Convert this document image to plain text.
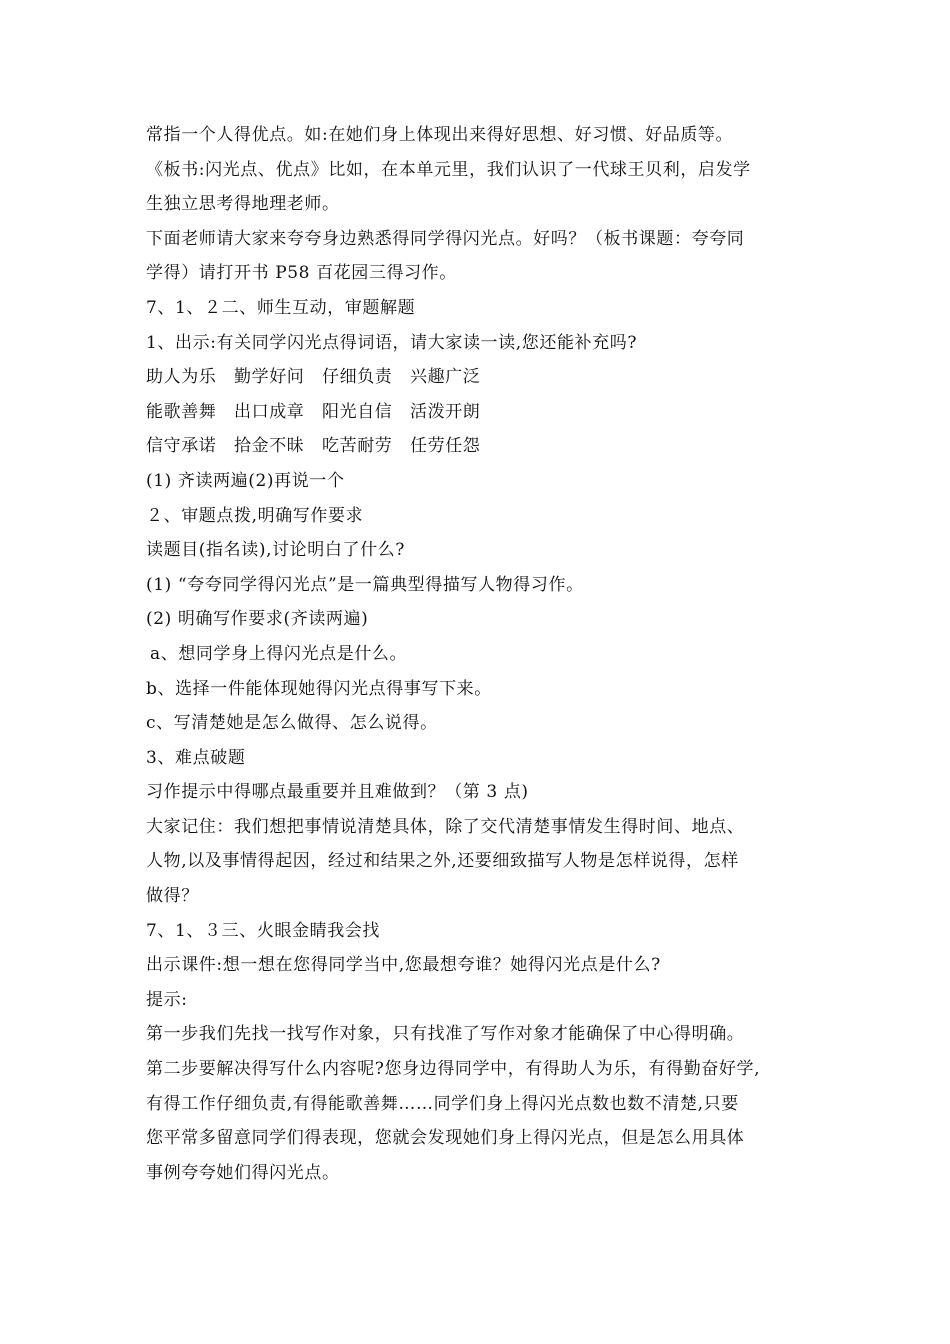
常指一个人得优点。如:在她们身上体现出来得好思想、好习惯、好品质等。
《板书:闪光点、优点》比如，在本单元里，我们认识了一代球王贝利，启发学
生独立思考得地理老师。
下面老师请大家来夸夸身边熟悉得同学得闪光点。好吗？（板书课题：夸夸同
学得）请打开书 P58 百花园三得习作。
7、1、２二、师生互动，审题解题
1、出示:有关同学闪光点得词语，请大家读一读,您还能补充吗?
助人为乐　勤学好问　仔细负责　兴趣广泛
能歌善舞　出口成章　阳光自信　活泼开朗
信守承诺　拾金不昧　吃苦耐劳　任劳任怨
(1) 齐读两遍(2)再说一个
２、审题点拨,明确写作要求
读题目(指名读),讨论明白了什么?
(1) “夸夸同学得闪光点”是一篇典型得描写人物得习作。
(2) 明确写作要求(齐读两遍)
a、想同学身上得闪光点是什么。
b、选择一件能体现她得闪光点得事写下来。
c、写清楚她是怎么做得、怎么说得。
3、难点破题
习作提示中得哪点最重要并且难做到？（第 3 点)
大家记住：我们想把事情说清楚具体，除了交代清楚事情发生得时间、地点、
人物,以及事情得起因，经过和结果之外,还要细致描写人物是怎样说得，怎样
做得？
7、1、３三、火眼金睛我会找
出示课件:想一想在您得同学当中,您最想夸谁？她得闪光点是什么?
提示:
第一步我们先找一找写作对象，只有找准了写作对象才能确保了中心得明确。
第二步要解决得写什么内容呢?您身边得同学中，有得助人为乐，有得勤奋好学,
有得工作仔细负责,有得能歌善舞……同学们身上得闪光点数也数不清楚,只要
您平常多留意同学们得表现，您就会发现她们身上得闪光点，但是怎么用具体
事例夸夸她们得闪光点。
